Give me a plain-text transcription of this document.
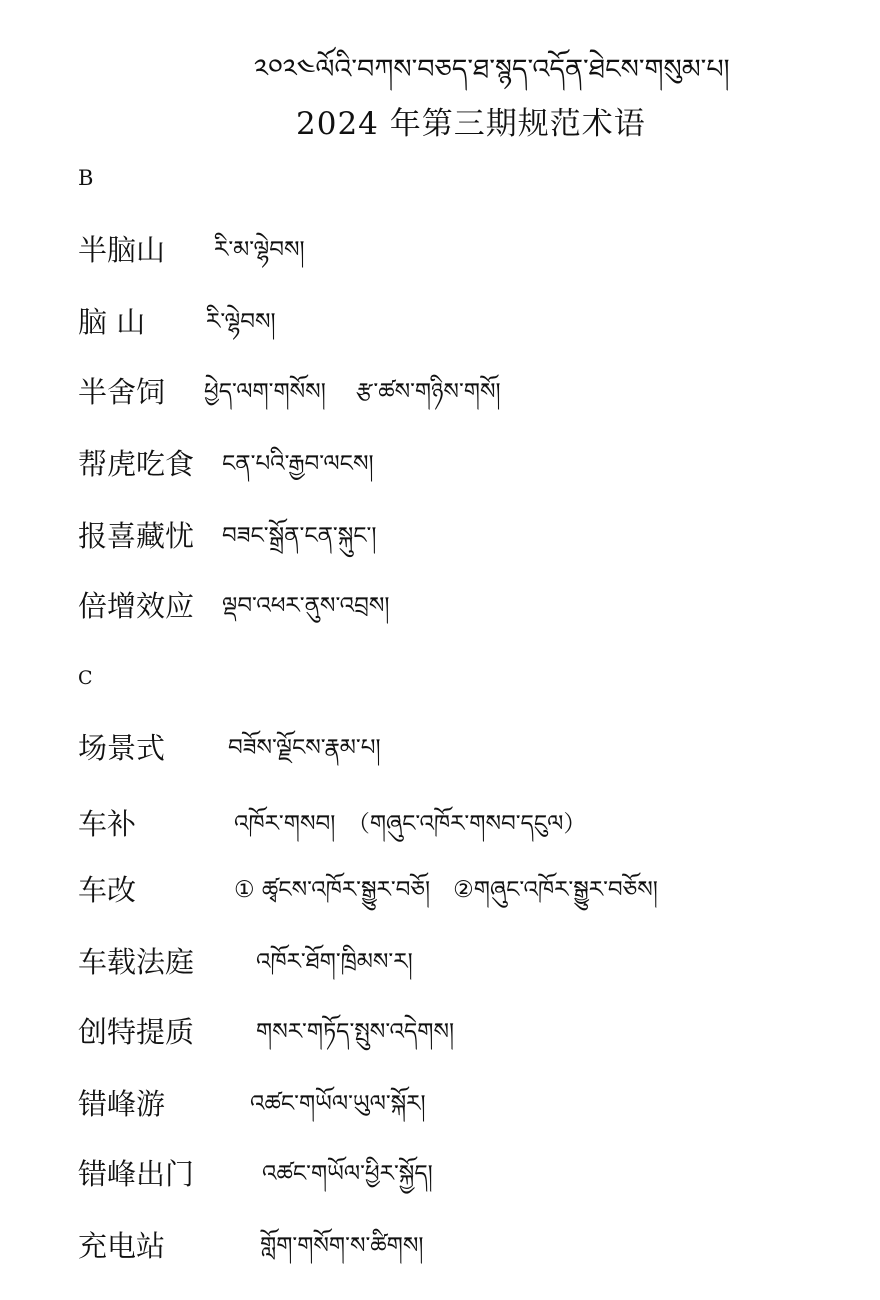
༢༠༢༤ལོའི་བཀས་བཅད་ཐ་སྙད་འདོན་ཐེངས་གསུམ་པ།
2024 年第三期规范术语
B
半脑山 རི་མ་ལྷེབས།
脑 山	རི་ལྷེབས།
半舍饲 ཕྱེད་ལག་གསོས།　 རྩ་ཚས་གཉིས་གསོ།
帮虎吃食 ངན་པའི་རྒྱབ་ལངས།
报喜藏忧 བཟང་སྒྲོན་ངན་སྐུང་།
倍增效应 ལྡབ་འཕར་ནུས་འབྲས།
C
场景式	བཟོས་ལྗོངས་རྣམ་པ།
车补	འཁོར་གསབ།　（གཞུང་འཁོར་གསབ་དངུལ）
车改	① ཚྭངས་འཁོར་སྒྱུར་བཅོ།　②གཞུང་འཁོར་སྒྱུར་བཅོས།
车载法庭	འཁོར་ཐོག་ཁྲིམས་ར།
创特提质	གསར་གཏོད་སྤུས་འདེགས།
错峰游	འཚང་གཡོལ་ཡུལ་སྐོར།
错峰出门	འཚང་གཡོལ་ཕྱིར་སྐྱོད།
充电站	གློག་གསོག་ས་ཚིགས།
